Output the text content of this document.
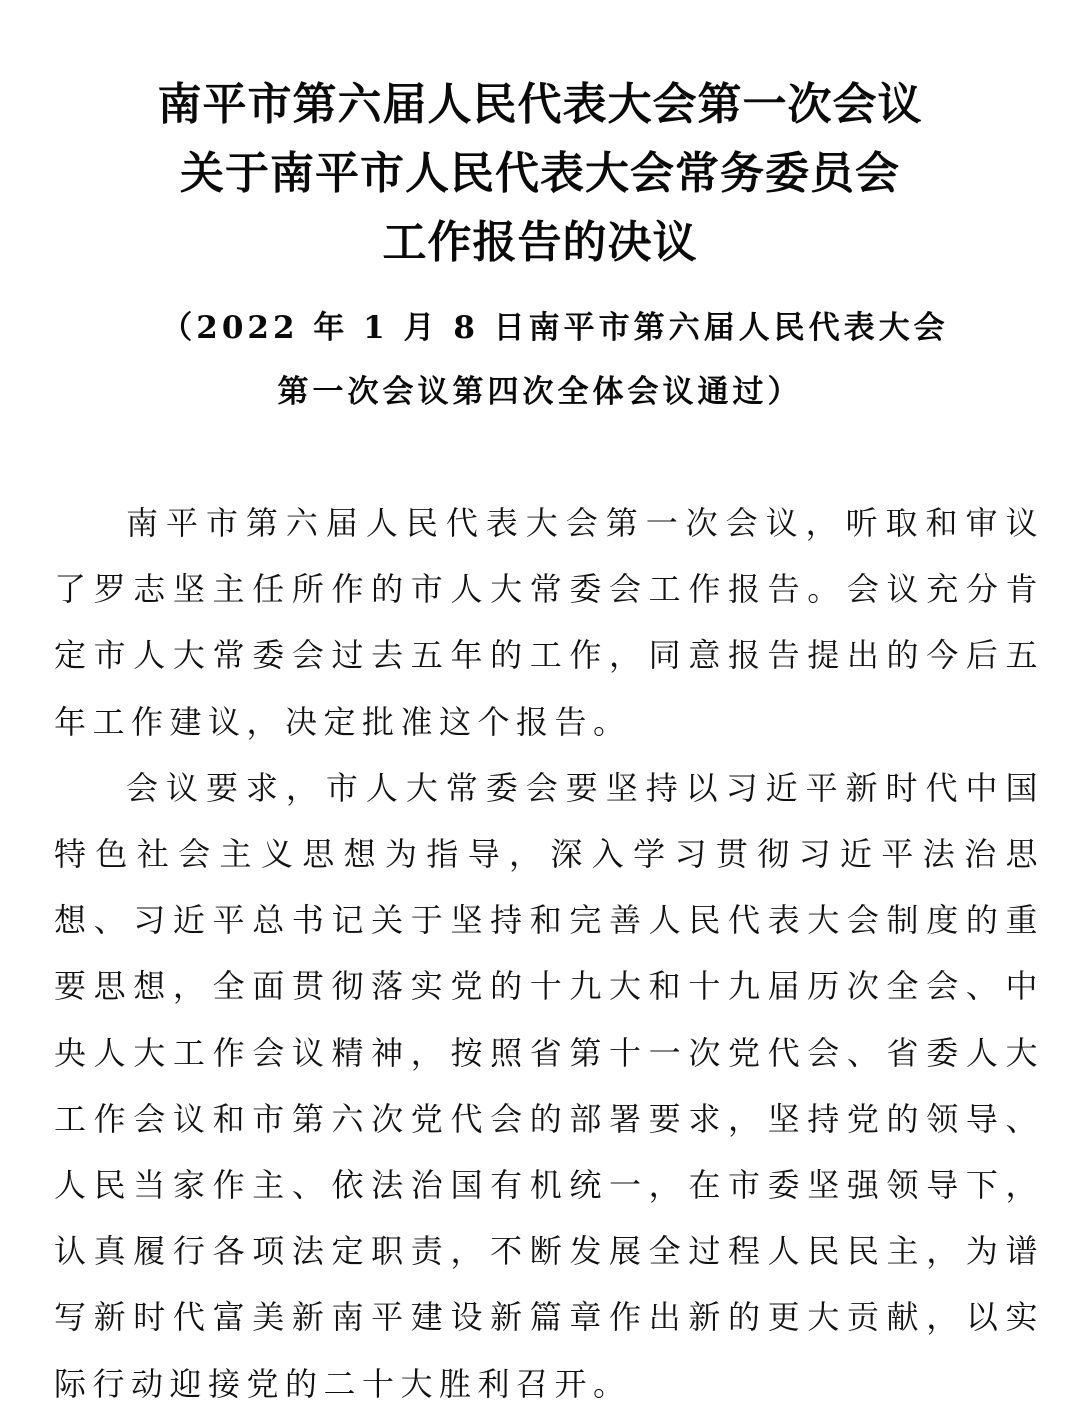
南平市第六届人民代表大会第一次会议
关于南平市人民代表大会常务委员会
工作报告的决议
（2022 年 1 月 8 日南平市第六届人民代表大会
第一次会议第四次全体会议通过）

南平市第六届人民代表大会第一次会议，听取和审议了罗志坚主任所作的市人大常委会工作报告。会议充分肯定市人大常委会过去五年的工作，同意报告提出的今后五年工作建议，决定批准这个报告。

会议要求，市人大常委会要坚持以习近平新时代中国特色社会主义思想为指导，深入学习贯彻习近平法治思想、习近平总书记关于坚持和完善人民代表大会制度的重要思想，全面贯彻落实党的十九大和十九届历次全会、中央人大工作会议精神，按照省第十一次党代会、省委人大工作会议和市第六次党代会的部署要求，坚持党的领导、人民当家作主、依法治国有机统一，在市委坚强领导下，认真履行各项法定职责，不断发展全过程人民民主，为谱写新时代富美新南平建设新篇章作出新的更大贡献，以实际行动迎接党的二十大胜利召开。
